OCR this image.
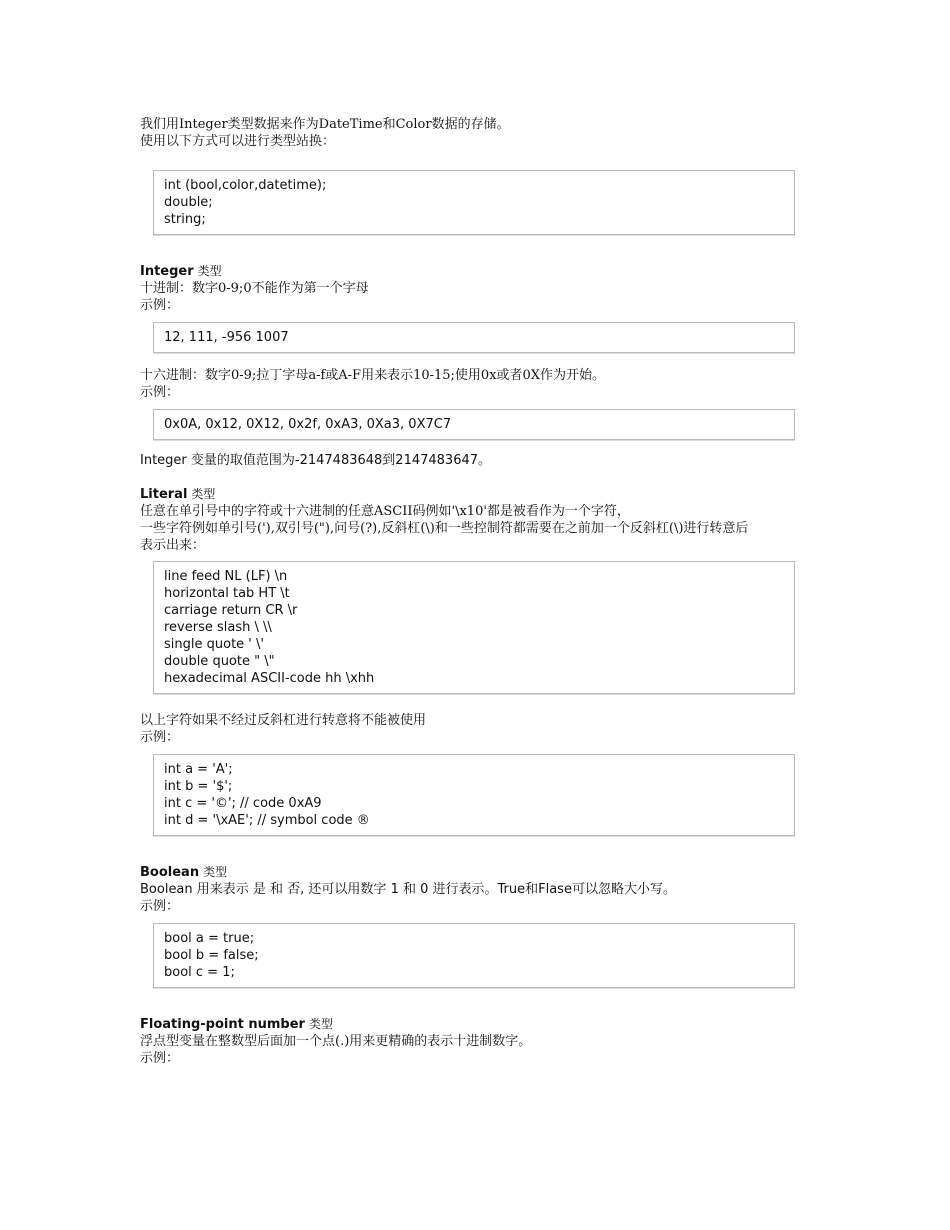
我们用Integer类型数据来作为DateTime和Color数据的存储。
使用以下方式可以进行类型站换：
int (bool,color,datetime);
double;
string;
Integer 类型
十进制：数字0-9;0不能作为第一个字母
示例：
12, 111, -956 1007
十六进制：数字0-9;拉丁字母a-f或A-F用来表示10-15;使用0x或者0X作为开始。
示例：
0x0A, 0x12, 0X12, 0x2f, 0xA3, 0Xa3, 0X7C7
Integer 变量的取值范围为-2147483648到2147483647。
Literal 类型
任意在单引号中的字符或十六进制的任意ASCII码例如'\x10'都是被看作为一个字符，
一些字符例如单引号('),双引号("),问号(?),反斜杠(\)和一些控制符都需要在之前加一个反斜杠(\)进行转意后
表示出来：
line feed NL (LF) \n
horizontal tab HT \t
carriage return CR \r
reverse slash \ \\
single quote ' \'
double quote " \"
hexadecimal ASCII-code hh \xhh
以上字符如果不经过反斜杠进行转意将不能被使用
示例：
int a = 'A';
int b = '$';
int c = '©'; // code 0xA9
int d = '\xAE'; // symbol code ®
Boolean 类型
Boolean 用来表示 是 和 否, 还可以用数字 1 和 0 进行表示。True和Flase可以忽略大小写。
示例：
bool a = true;
bool b = false;
bool c = 1;
Floating-point number 类型
浮点型变量在整数型后面加一个点(.)用来更精确的表示十进制数字。
示例：
